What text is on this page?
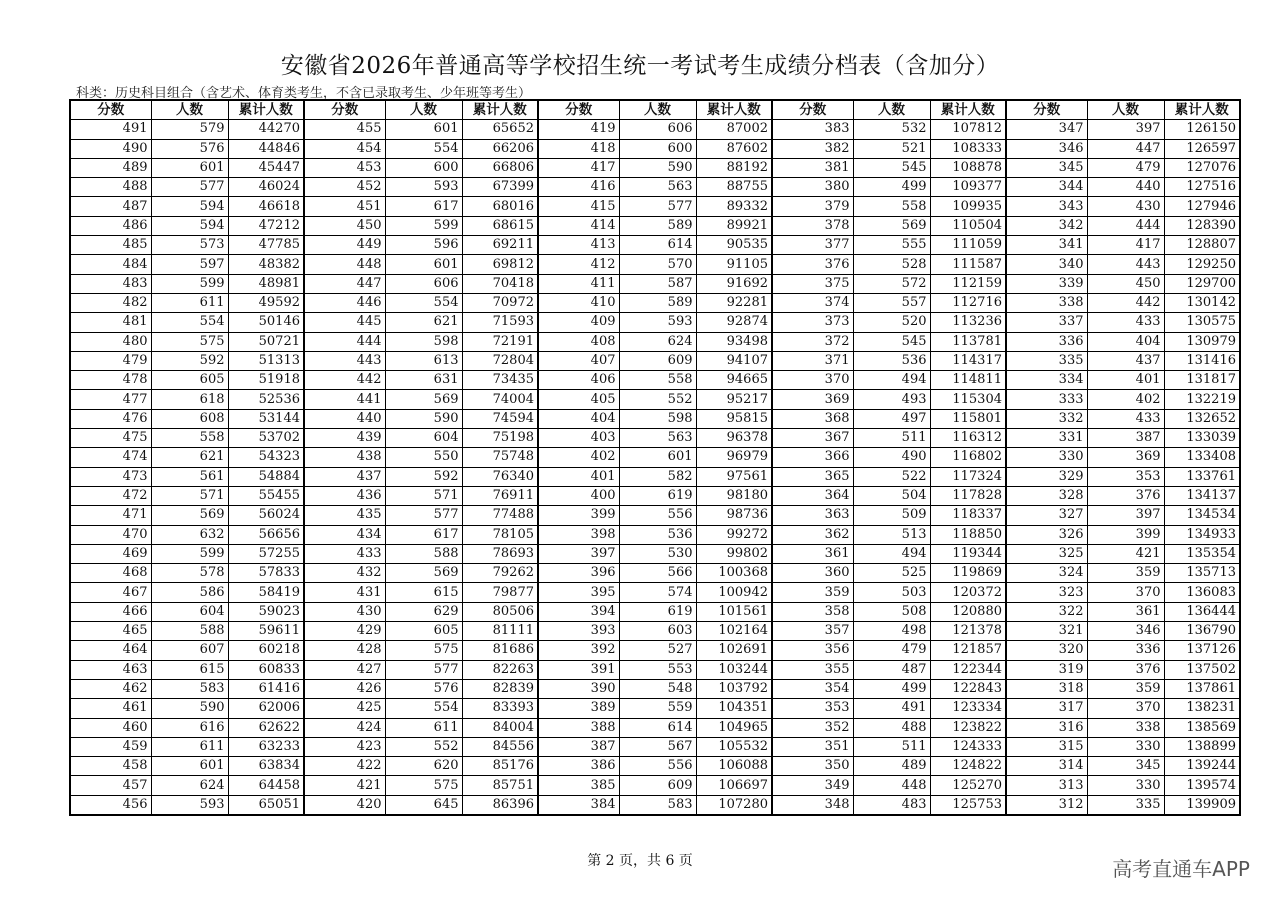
安徽省2026年普通高等学校招生统一考试考生成绩分档表（含加分）
科类：历史科目组合（含艺术、体育类考生，不含已录取考生、少年班等考生）
分数	人数	累计人数	分数	人数	累计人数	分数	人数	累计人数	分数	人数	累计人数	分数	人数	累计人数
491	579	44270	455	601	65652	419	606	87002	383	532	107812	347	397	126150
490	576	44846	454	554	66206	418	600	87602	382	521	108333	346	447	126597
489	601	45447	453	600	66806	417	590	88192	381	545	108878	345	479	127076
488	577	46024	452	593	67399	416	563	88755	380	499	109377	344	440	127516
487	594	46618	451	617	68016	415	577	89332	379	558	109935	343	430	127946
486	594	47212	450	599	68615	414	589	89921	378	569	110504	342	444	128390
485	573	47785	449	596	69211	413	614	90535	377	555	111059	341	417	128807
484	597	48382	448	601	69812	412	570	91105	376	528	111587	340	443	129250
483	599	48981	447	606	70418	411	587	91692	375	572	112159	339	450	129700
482	611	49592	446	554	70972	410	589	92281	374	557	112716	338	442	130142
481	554	50146	445	621	71593	409	593	92874	373	520	113236	337	433	130575
480	575	50721	444	598	72191	408	624	93498	372	545	113781	336	404	130979
479	592	51313	443	613	72804	407	609	94107	371	536	114317	335	437	131416
478	605	51918	442	631	73435	406	558	94665	370	494	114811	334	401	131817
477	618	52536	441	569	74004	405	552	95217	369	493	115304	333	402	132219
476	608	53144	440	590	74594	404	598	95815	368	497	115801	332	433	132652
475	558	53702	439	604	75198	403	563	96378	367	511	116312	331	387	133039
474	621	54323	438	550	75748	402	601	96979	366	490	116802	330	369	133408
473	561	54884	437	592	76340	401	582	97561	365	522	117324	329	353	133761
472	571	55455	436	571	76911	400	619	98180	364	504	117828	328	376	134137
471	569	56024	435	577	77488	399	556	98736	363	509	118337	327	397	134534
470	632	56656	434	617	78105	398	536	99272	362	513	118850	326	399	134933
469	599	57255	433	588	78693	397	530	99802	361	494	119344	325	421	135354
468	578	57833	432	569	79262	396	566	100368	360	525	119869	324	359	135713
467	586	58419	431	615	79877	395	574	100942	359	503	120372	323	370	136083
466	604	59023	430	629	80506	394	619	101561	358	508	120880	322	361	136444
465	588	59611	429	605	81111	393	603	102164	357	498	121378	321	346	136790
464	607	60218	428	575	81686	392	527	102691	356	479	121857	320	336	137126
463	615	60833	427	577	82263	391	553	103244	355	487	122344	319	376	137502
462	583	61416	426	576	82839	390	548	103792	354	499	122843	318	359	137861
461	590	62006	425	554	83393	389	559	104351	353	491	123334	317	370	138231
460	616	62622	424	611	84004	388	614	104965	352	488	123822	316	338	138569
459	611	63233	423	552	84556	387	567	105532	351	511	124333	315	330	138899
458	601	63834	422	620	85176	386	556	106088	350	489	124822	314	345	139244
457	624	64458	421	575	85751	385	609	106697	349	448	125270	313	330	139574
456	593	65051	420	645	86396	384	583	107280	348	483	125753	312	335	139909
第 2 页，共 6 页	高考直通车APP
